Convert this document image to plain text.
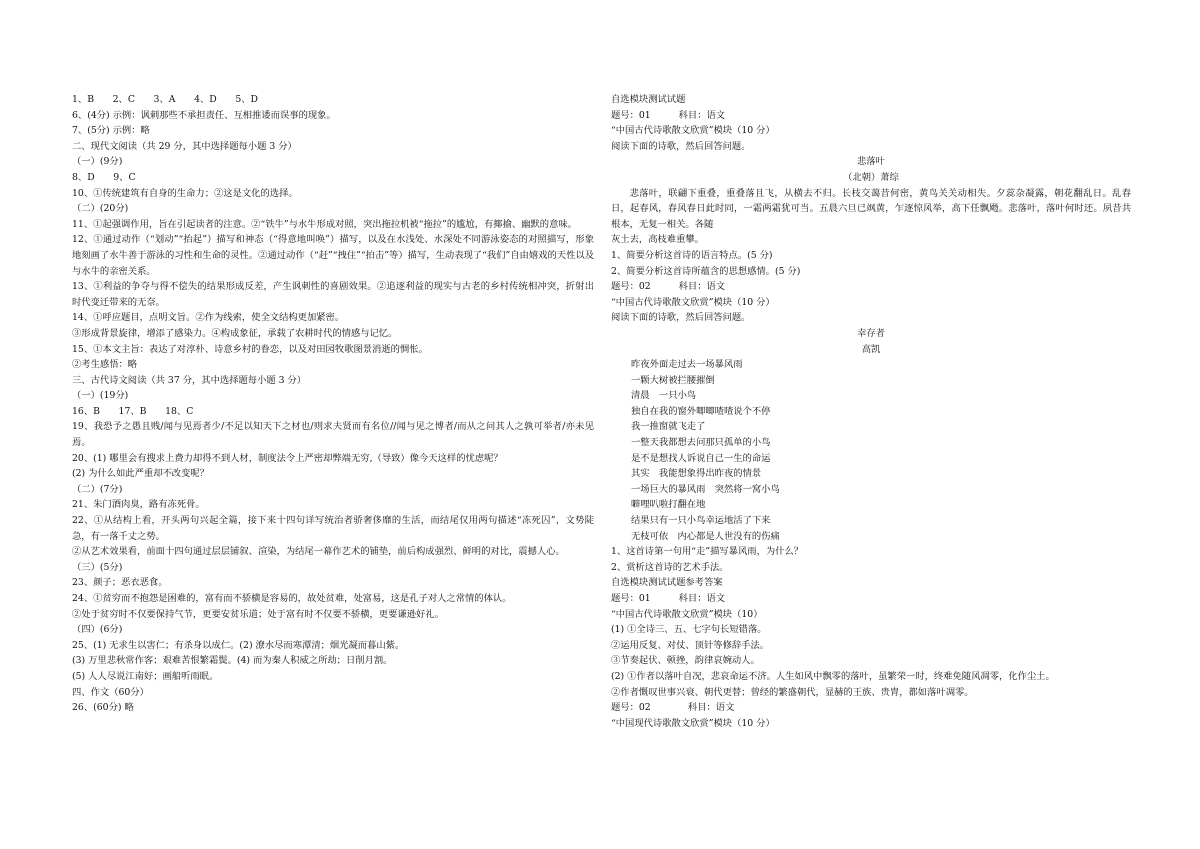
1、B　　2、C　　3、A　　4、D　　5、D
6、(4分) 示例：讽刺那些不承担责任、互相推诿而误事的现象。
7、(5分) 示例：略
二、现代文阅读（共 29 分，其中选择题每小题 3 分）
（一）(9分)
8、D　　9、C
10、①传统建筑有自身的生命力；②这是文化的选择。
（二）(20分)
11、①起强调作用，旨在引起读者的注意。②“铁牛”与水牛形成对照，突出拖拉机被“拖拉”的尴尬，有揶揄、幽默的意味。
12、①通过动作（“划动”“抬起”）描写和神态（“得意地叫唤”）描写，以及在水浅处、水深处不同游泳姿态的对照描写，形象地刻画了水牛善于游泳的习性和生命的灵性。②通过动作（“赶”“拽住”“拍击”等）描写，生动表现了“我们”自由嬉戏的天性以及与水牛的亲密关系。
13、①利益的争夺与得不偿失的结果形成反差，产生讽刺性的喜剧效果。②追逐利益的现实与古老的乡村传统相冲突，折射出时代变迁带来的无奈。
14、①呼应题目，点明文旨。②作为线索，使全文结构更加紧密。
③形成背景旋律，增添了感染力。④构成象征，承载了农耕时代的情感与记忆。
15、①本文主旨：表达了对淳朴、诗意乡村的眷恋，以及对田园牧歌图景消逝的惆怅。
②考生感悟：略
三、古代诗文阅读（共 37 分，其中选择题每小题 3 分）
（一）(19分)
16、B　　17、B　　18、C
19、我恐予之愚且贱/闻与见焉者少/不足以知天下之材也/则求夫贤而有名位//闻与见之博者/而从之问其人之孰可举者/亦未见焉。
20、(1) 哪里会有搜求上费力却得不到人材，制度法令上严密却弊端无穷,（导致）像今天这样的忧虑呢？
(2) 为什么如此严重却不改变呢？
（二）(7分)
21、朱门酒肉臭，路有冻死骨。
22、①从结构上看，开头两句兴起全篇，接下来十四句详写统治者骄奢侈靡的生活，而结尾仅用两句描述“冻死囚”，文势陡急，有一落千丈之势。
②从艺术效果看，前面十四句通过层层铺叙、渲染，为结尾一幕作艺术的铺垫，前后构成强烈、鲜明的对比，震撼人心。
（三）(5分)
23、颜子；恶衣恶食。
24、①贫穷而不抱怨是困难的，富有而不骄横是容易的，故处贫难，处富易，这是孔子对人之常情的体认。
②处于贫穷时不仅要保持气节，更要安贫乐道；处于富有时不仅要不骄横，更要谦逊好礼。
（四）(6分)
25、(1) 无求生以害仁；有杀身以成仁。(2) 潦水尽而寒潭清；烟光凝而暮山紫。
(3) 万里悲秋常作客；艰难苦恨繁霜鬓。(4) 而为秦人积威之所劫；日削月割。
(5) 人人尽说江南好；画船听雨眠。
四、作文（60分）
26、(60分) 略
自选模块测试试题
题号：01　　　科目：语文
“中国古代诗歌散文欣赏”模块（10 分）
阅读下面的诗歌，然后回答问题。
悲落叶
（北朝）萧综
悲落叶，联翩下重叠，重叠落且飞，从横去不归。长枝交蔼昔何密，黄鸟关关动相失。夕蕊杂凝露，朝花翻乱日。乱春日，起春风，春风春日此时同，一霜两霜犹可当。五晨六旦已飒黄，乍逐惊风举，高下任飘飏。悲落叶，落叶何时还。夙昔共根本，无复一相关。各随
灰土去，高枝难重攀。
1、简要分析这首诗的语言特点。(5 分)
2、简要分析这首诗所蕴含的思想感情。(5 分)
题号：02　　　科目：语文
“中国古代诗歌散文欣赏”模块（10 分）
阅读下面的诗歌，然后回答问题。
幸存者
高凯
昨夜外面走过去一场暴风雨
一颗大树被拦腰摧倒
清晨　一只小鸟
独自在我的窗外唧唧喳喳说个不停
我一推窗就飞走了
一整天我都想去问那只孤单的小鸟
是不是想找人诉说自己一生的命运
其实　我能想象得出昨夜的情景
一场巨大的暴风雨　突然将一窝小鸟
噼哩叭啦打翻在地
结果只有一只小鸟幸运地活了下来
无枝可依　内心都是人世没有的伤痛
1、这首诗第一句用“走”描写暴风雨，为什么？
2、赏析这首诗的艺术手法。
自选模块测试试题参考答案
题号：01　　　科目：语文
“中国古代诗歌散文欣赏”模块（10）
(1) ①全诗三、五、七字句长短错落。
②运用反复、对仗、顶针等修辞手法。
③节奏起伏、顿挫，韵律哀婉动人。
(2) ①作者以落叶自况，悲哀命运不济。人生如风中飘零的落叶，虽繁荣一时，终难免随风凋零，化作尘土。
②作者慨叹世事兴衰、朝代更替；曾经的繁盛朝代，显赫的王族、贵胄，都如落叶凋零。
题号：02　　　　科目：语文
“中国现代诗歌散文欣赏”模块（10 分）
